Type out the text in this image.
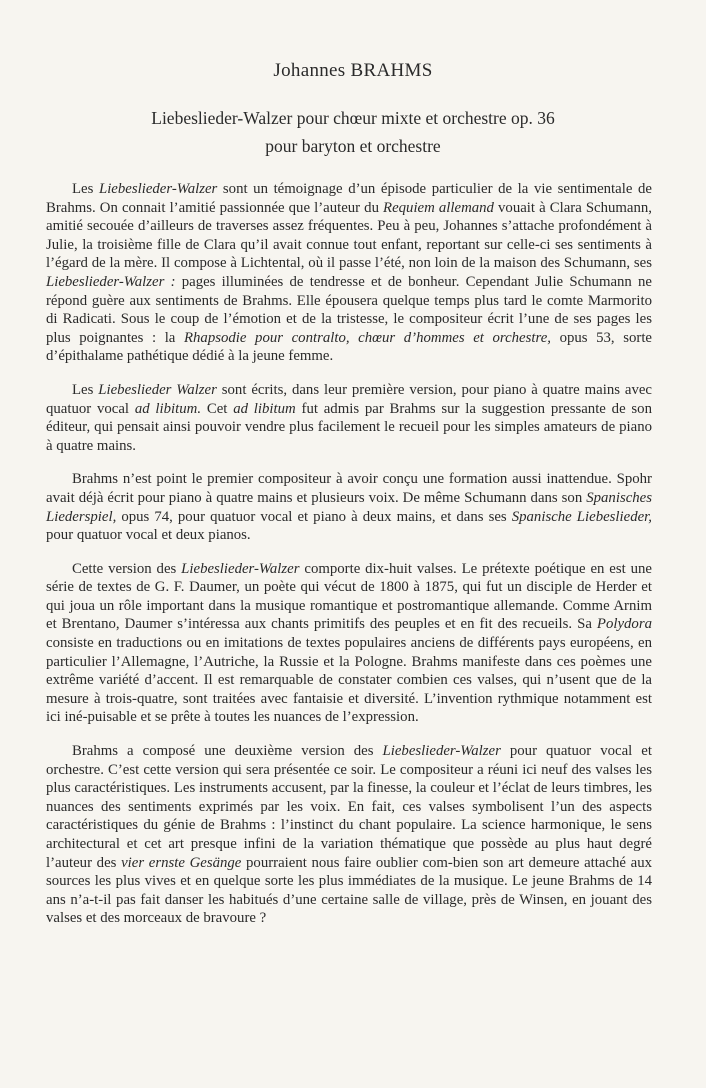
Johannes BRAHMS
Liebeslieder-Walzer pour chœur mixte et orchestre op. 36
pour baryton et orchestre

Les Liebeslieder-Walzer sont un témoignage d’un épisode particulier de la vie sentimentale de Brahms. On connait l’amitié passionnée que l’auteur du Requiem allemand vouait à Clara Schumann, amitié secouée d’ailleurs de traverses assez fréquentes. Peu à peu, Johannes s’attache profondément à Julie, la troisième fille de Clara qu’il avait connue tout enfant, reportant sur celle-ci ses sentiments à l’égard de la mère. Il compose à Lichtental, où il passe l’été, non loin de la maison des Schumann, ses Liebeslieder-Walzer : pages illuminées de tendresse et de bonheur. Cependant Julie Schumann ne répond guère aux sentiments de Brahms. Elle épousera quelque temps plus tard le comte Marmorito di Radicati. Sous le coup de l’émotion et de la tristesse, le compositeur écrit l’une de ses pages les plus poignantes : la Rhapsodie pour contralto, chœur d’hommes et orchestre, opus 53, sorte d’épithalame pathétique dédié à la jeune femme.

Les Liebeslieder Walzer sont écrits, dans leur première version, pour piano à quatre mains avec quatuor vocal ad libitum. Cet ad libitum fut admis par Brahms sur la suggestion pressante de son éditeur, qui pensait ainsi pouvoir vendre plus facilement le recueil pour les simples amateurs de piano à quatre mains.

Brahms n’est point le premier compositeur à avoir conçu une formation aussi inattendue. Spohr avait déjà écrit pour piano à quatre mains et plusieurs voix. De même Schumann dans son Spanisches Liederspiel, opus 74, pour quatuor vocal et piano à deux mains, et dans ses Spanische Liebeslieder, pour quatuor vocal et deux pianos.

Cette version des Liebeslieder-Walzer comporte dix-huit valses. Le prétexte poétique en est une série de textes de G. F. Daumer, un poète qui vécut de 1800 à 1875, qui fut un disciple de Herder et qui joua un rôle important dans la musique romantique et postromantique allemande. Comme Arnim et Brentano, Daumer s’intéressa aux chants primitifs des peuples et en fit des recueils. Sa Polydora consiste en traductions ou en imitations de textes populaires anciens de différents pays européens, en particulier l’Allemagne, l’Autriche, la Russie et la Pologne. Brahms manifeste dans ces poèmes une extrême variété d’accent. Il est remarquable de constater combien ces valses, qui n’usent que de la mesure à trois-quatre, sont traitées avec fantaisie et diversité. L’invention rythmique notamment est ici iné-puisable et se prête à toutes les nuances de l’expression.

Brahms a composé une deuxième version des Liebeslieder-Walzer pour quatuor vocal et orchestre. C’est cette version qui sera présentée ce soir. Le compositeur a réuni ici neuf des valses les plus caractéristiques. Les instruments accusent, par la finesse, la couleur et l’éclat de leurs timbres, les nuances des sentiments exprimés par les voix. En fait, ces valses symbolisent l’un des aspects caractéristiques du génie de Brahms : l’instinct du chant populaire. La science harmonique, le sens architectural et cet art presque infini de la variation thématique que possède au plus haut degré l’auteur des vier ernste Gesänge pourraient nous faire oublier com-bien son art demeure attaché aux sources les plus vives et en quelque sorte les plus immédiates de la musique. Le jeune Brahms de 14 ans n’a-t-il pas fait danser les habitués d’une certaine salle de village, près de Winsen, en jouant des valses et des morceaux de bravoure ?
